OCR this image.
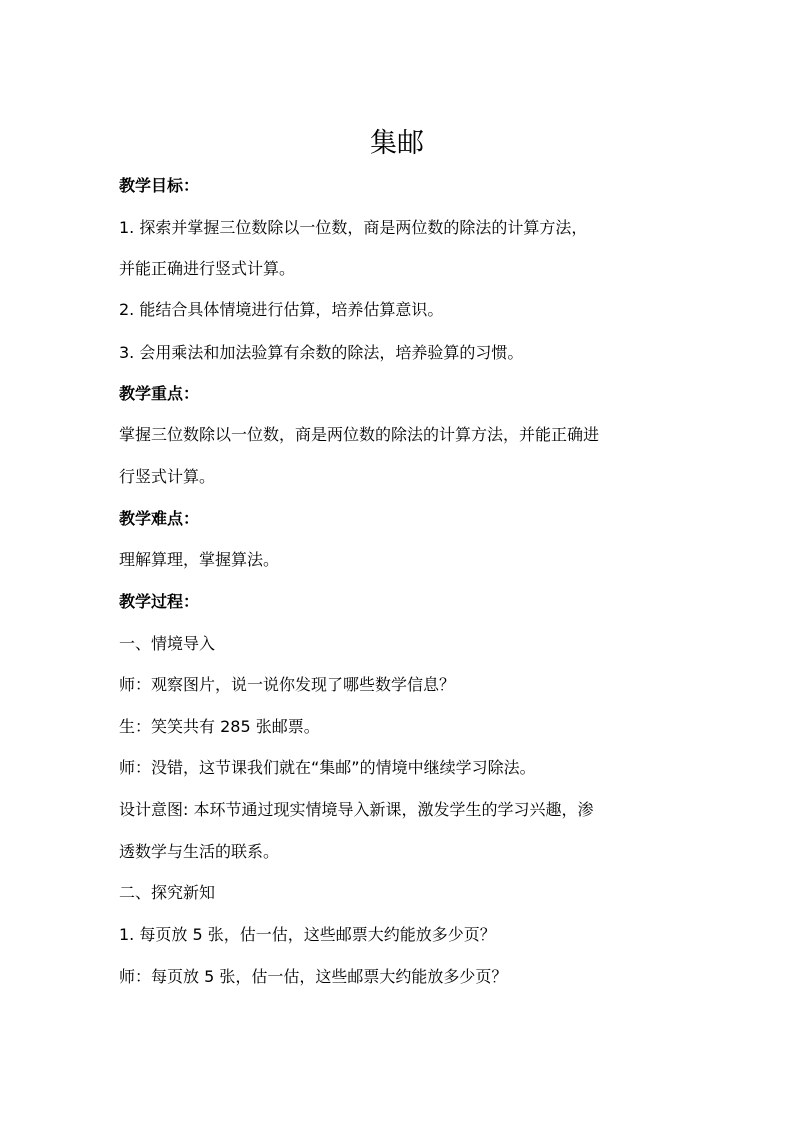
集邮
教学目标：
1. 探索并掌握三位数除以一位数，商是两位数的除法的计算方法，
并能正确进行竖式计算。
2. 能结合具体情境进行估算，培养估算意识。
3. 会用乘法和加法验算有余数的除法，培养验算的习惯。
教学重点：
掌握三位数除以一位数，商是两位数的除法的计算方法，并能正确进
行竖式计算。
教学难点：
理解算理，掌握算法。
教学过程：
一、情境导入
师：观察图片，说一说你发现了哪些数学信息？
生：笑笑共有 285 张邮票。
师：没错，这节课我们就在“集邮”的情境中继续学习除法。
设计意图: 本环节通过现实情境导入新课，激发学生的学习兴趣，渗
透数学与生活的联系。
二、探究新知
1. 每页放 5 张，估一估，这些邮票大约能放多少页？
师：每页放 5 张，估一估，这些邮票大约能放多少页？
